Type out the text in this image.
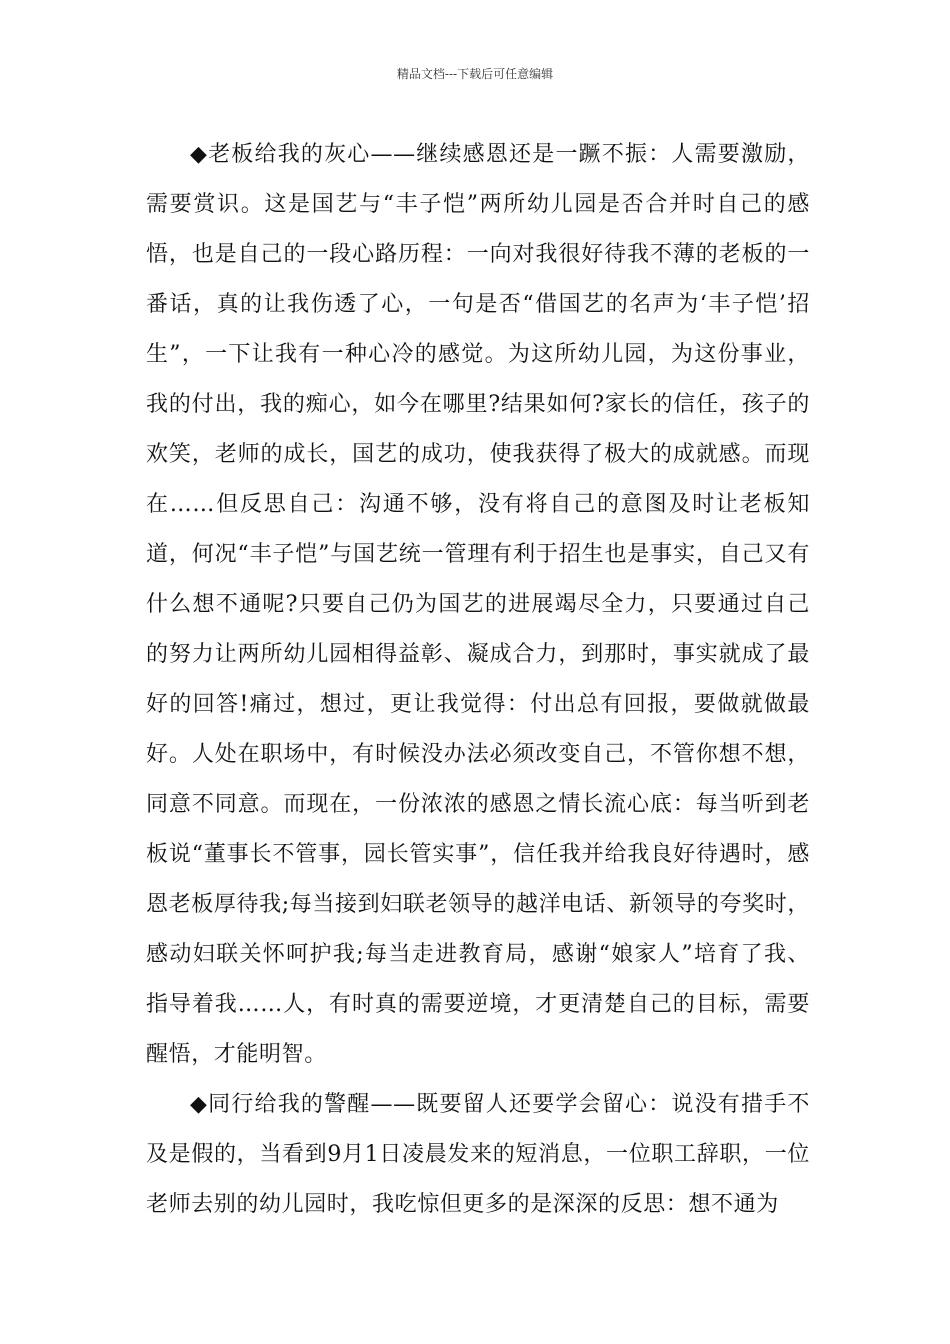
精品文档---下载后可任意编辑

◆老板给我的灰心——继续感恩还是一蹶不振：人需要激励，需要赏识。这是国艺与“丰子恺”两所幼儿园是否合并时自己的感悟，也是自己的一段心路历程：一向对我很好待我不薄的老板的一番话，真的让我伤透了心，一句是否“借国艺的名声为‘丰子恺’招生”，一下让我有一种心冷的感觉。为这所幼儿园，为这份事业，我的付出，我的痴心，如今在哪里?结果如何?家长的信任，孩子的欢笑，老师的成长，国艺的成功，使我获得了极大的成就感。而现在……但反思自己：沟通不够，没有将自己的意图及时让老板知道，何况“丰子恺”与国艺统一管理有利于招生也是事实，自己又有什么想不通呢?只要自己仍为国艺的进展竭尽全力，只要通过自己的努力让两所幼儿园相得益彰、凝成合力，到那时，事实就成了最好的回答!痛过，想过，更让我觉得：付出总有回报，要做就做最好。人处在职场中，有时候没办法必须改变自己，不管你想不想，同意不同意。而现在，一份浓浓的感恩之情长流心底：每当听到老板说“董事长不管事，园长管实事”，信任我并给我良好待遇时，感恩老板厚待我;每当接到妇联老领导的越洋电话、新领导的夸奖时，感动妇联关怀呵护我;每当走进教育局，感谢“娘家人”培育了我、指导着我……人，有时真的需要逆境，才更清楚自己的目标，需要醒悟，才能明智。

◆同行给我的警醒——既要留人还要学会留心：说没有措手不及是假的，当看到9月1日凌晨发来的短消息，一位职工辞职，一位老师去别的幼儿园时，我吃惊但更多的是深深的反思：想不通为
